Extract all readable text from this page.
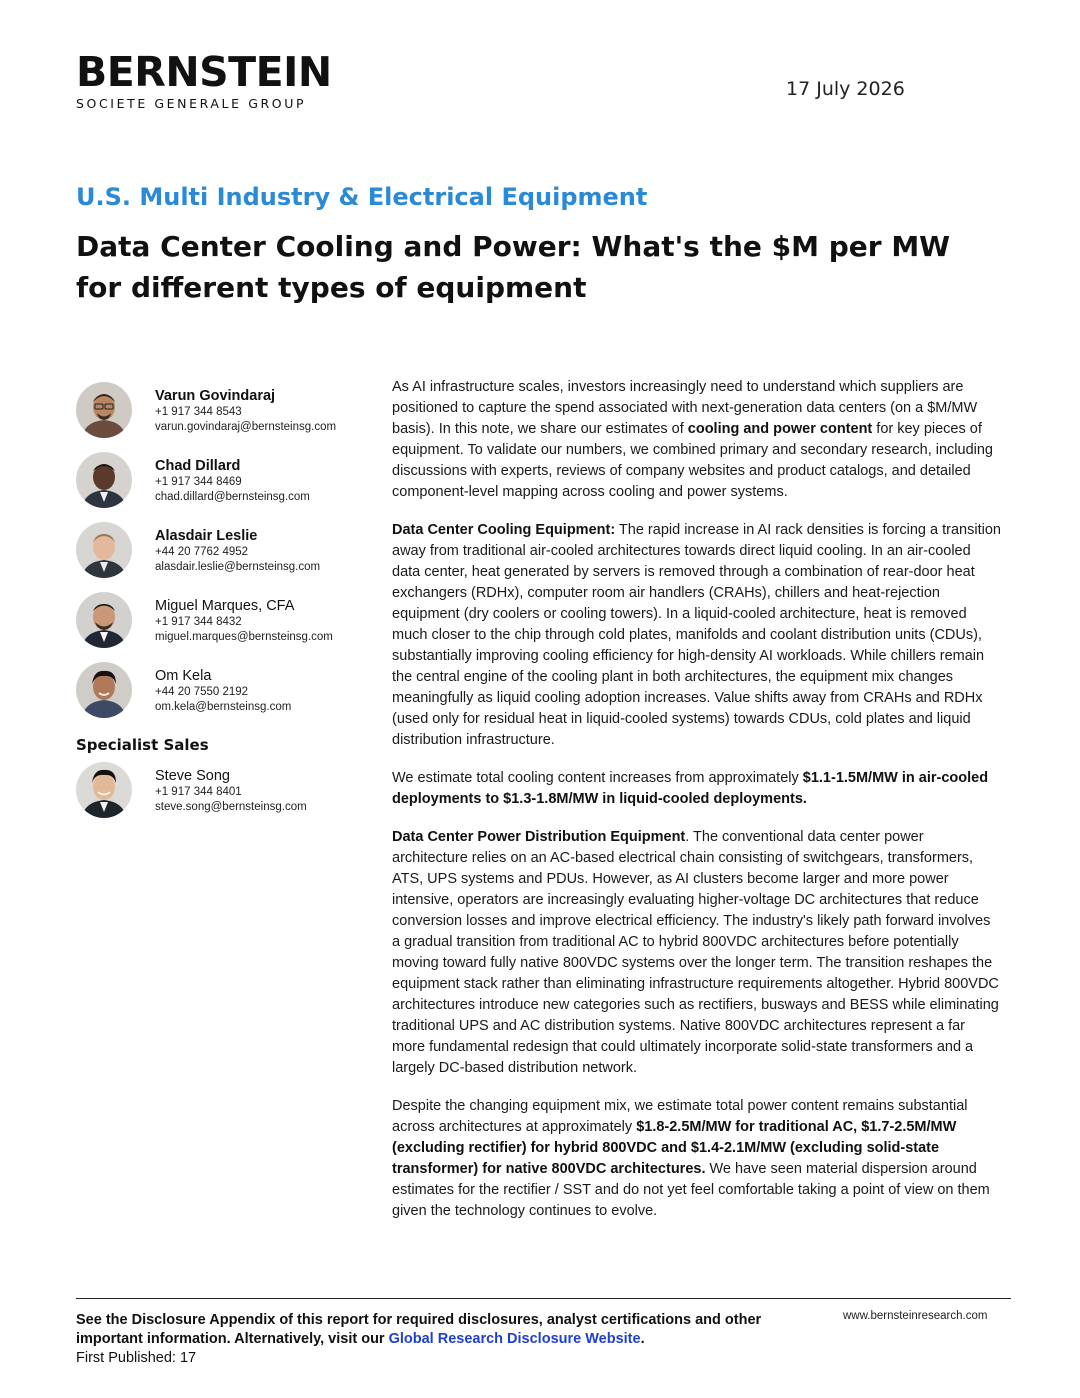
BERNSTEIN
SOCIETE GENERALE GROUP
17 July 2026
U.S. Multi Industry & Electrical Equipment
Data Center Cooling and Power: What's the $M per MW for different types of equipment
Varun Govindaraj
+1 917 344 8543
varun.govindaraj@bernsteinsg.com
Chad Dillard
+1 917 344 8469
chad.dillard@bernsteinsg.com
Alasdair Leslie
+44 20 7762 4952
alasdair.leslie@bernsteinsg.com
Miguel Marques, CFA
+1 917 344 8432
miguel.marques@bernsteinsg.com
Om Kela
+44 20 7550 2192
om.kela@bernsteinsg.com
Specialist Sales
Steve Song
+1 917 344 8401
steve.song@bernsteinsg.com

As AI infrastructure scales, investors increasingly need to understand which suppliers are positioned to capture the spend associated with next-generation data centers (on a $M/MW basis). In this note, we share our estimates of cooling and power content for key pieces of equipment. To validate our numbers, we combined primary and secondary research, including discussions with experts, reviews of company websites and product catalogs, and detailed component-level mapping across cooling and power systems.

Data Center Cooling Equipment: The rapid increase in AI rack densities is forcing a transition away from traditional air-cooled architectures towards direct liquid cooling. In an air-cooled data center, heat generated by servers is removed through a combination of rear-door heat exchangers (RDHx), computer room air handlers (CRAHs), chillers and heat-rejection equipment (dry coolers or cooling towers). In a liquid-cooled architecture, heat is removed much closer to the chip through cold plates, manifolds and coolant distribution units (CDUs), substantially improving cooling efficiency for high-density AI workloads. While chillers remain the central engine of the cooling plant in both architectures, the equipment mix changes meaningfully as liquid cooling adoption increases. Value shifts away from CRAHs and RDHx (used only for residual heat in liquid-cooled systems) towards CDUs, cold plates and liquid distribution infrastructure.

We estimate total cooling content increases from approximately $1.1-1.5M/MW in air-cooled deployments to $1.3-1.8M/MW in liquid-cooled deployments.

Data Center Power Distribution Equipment. The conventional data center power architecture relies on an AC-based electrical chain consisting of switchgears, transformers, ATS, UPS systems and PDUs. However, as AI clusters become larger and more power intensive, operators are increasingly evaluating higher-voltage DC architectures that reduce conversion losses and improve electrical efficiency. The industry's likely path forward involves a gradual transition from traditional AC to hybrid 800VDC architectures before potentially moving toward fully native 800VDC systems over the longer term. The transition reshapes the equipment stack rather than eliminating infrastructure requirements altogether. Hybrid 800VDC architectures introduce new categories such as rectifiers, busways and BESS while eliminating traditional UPS and AC distribution systems. Native 800VDC architectures represent a far more fundamental redesign that could ultimately incorporate solid-state transformers and a largely DC-based distribution network.

Despite the changing equipment mix, we estimate total power content remains substantial across architectures at approximately $1.8-2.5M/MW for traditional AC, $1.7-2.5M/MW (excluding rectifier) for hybrid 800VDC and $1.4-2.1M/MW (excluding solid-state transformer) for native 800VDC architectures. We have seen material dispersion around estimates for the rectifier / SST and do not yet feel comfortable taking a point of view on them given the technology continues to evolve.

See the Disclosure Appendix of this report for required disclosures, analyst certifications and other important information. Alternatively, visit our Global Research Disclosure Website.
First Published: 17
www.bernsteinresearch.com
